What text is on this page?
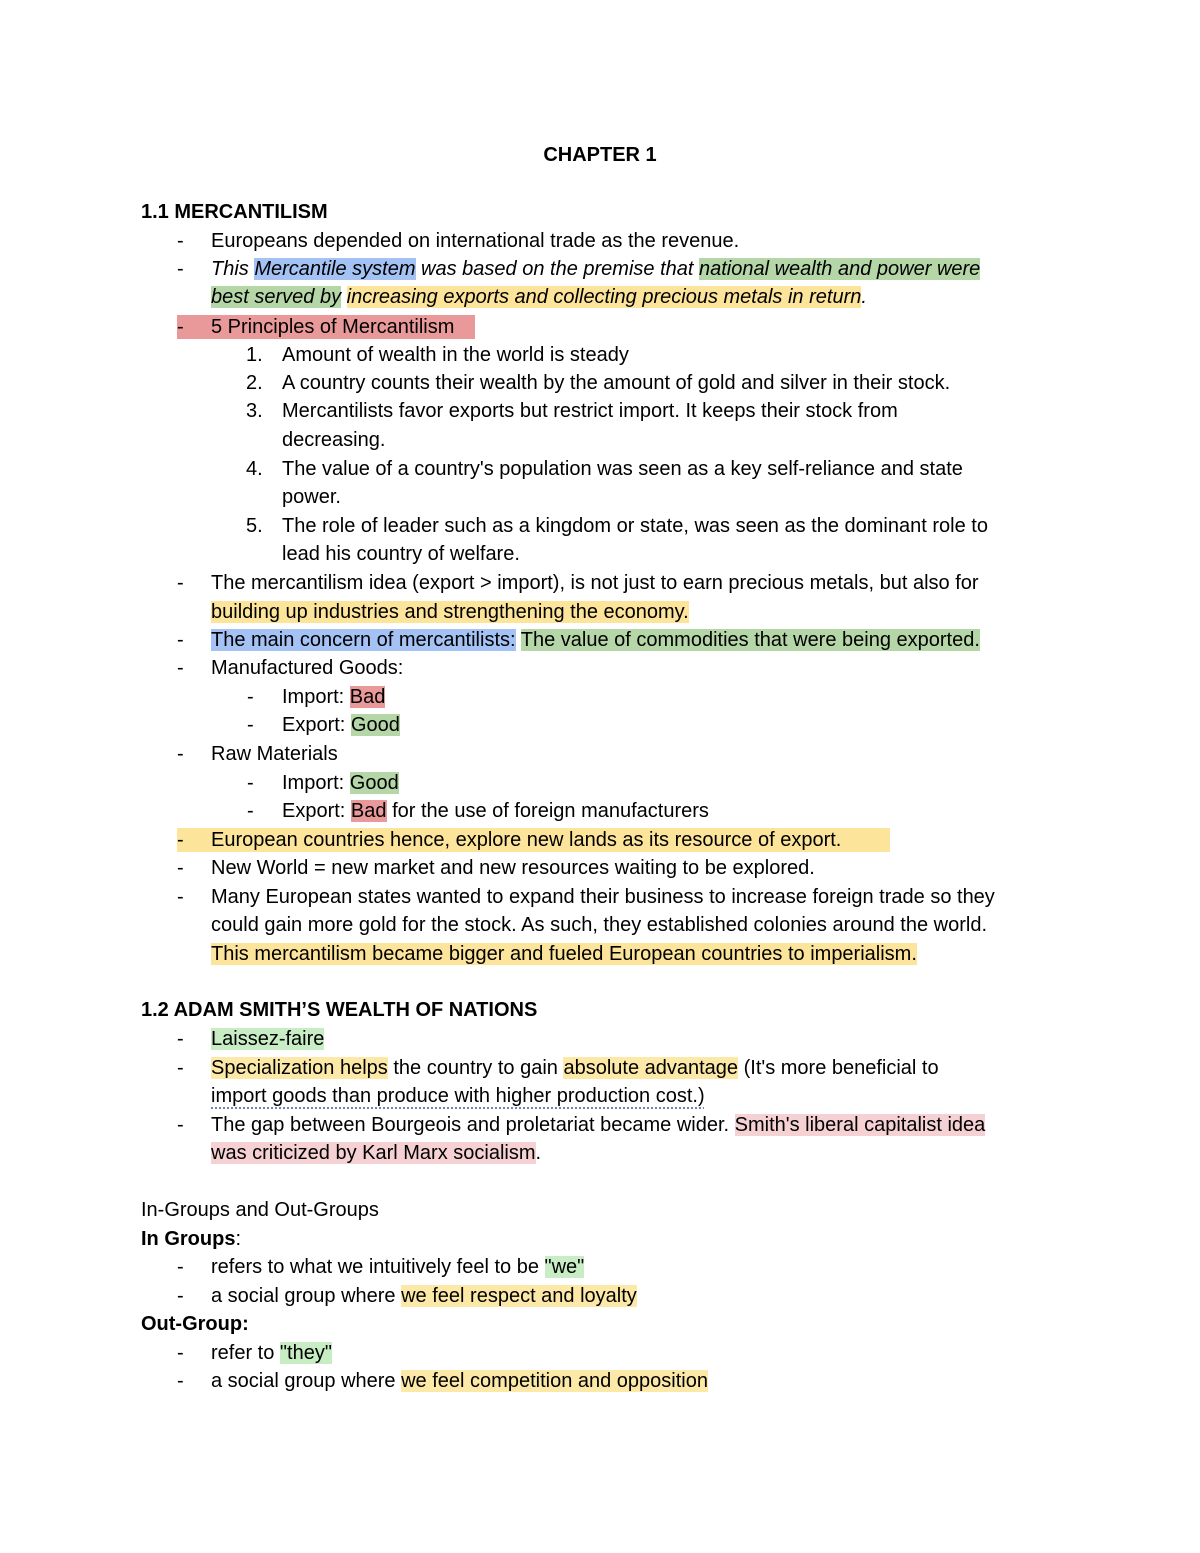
CHAPTER 1

1.1 MERCANTILISM

- Europeans depended on international trade as the revenue.

- This Mercantile system was based on the premise that national wealth and power were

best served by increasing exports and collecting precious metals in return.

- 5 Principles of Mercantilism

1. Amount of wealth in the world is steady

2. A country counts their wealth by the amount of gold and silver in their stock.

3. Mercantilists favor exports but restrict import. It keeps their stock from

decreasing.

4. The value of a country's population was seen as a key self-reliance and state

power.

5. The role of leader such as a kingdom or state, was seen as the dominant role to

lead his country of welfare.

- The mercantilism idea (export > import), is not just to earn precious metals, but also for

building up industries and strengthening the economy.

- The main concern of mercantilists: The value of commodities that were being exported.

- Manufactured Goods:

- Import: Bad

- Export: Good

- Raw Materials

- Import: Good

- Export: Bad for the use of foreign manufacturers

- European countries hence, explore new lands as its resource of export.

- New World = new market and new resources waiting to be explored.

- Many European states wanted to expand their business to increase foreign trade so they

could gain more gold for the stock. As such, they established colonies around the world.

This mercantilism became bigger and fueled European countries to imperialism.

1.2 ADAM SMITH’S WEALTH OF NATIONS

- Laissez-faire

- Specialization helps the country to gain absolute advantage (It's more beneficial to

import goods than produce with higher production cost.)

- The gap between Bourgeois and proletariat became wider. Smith's liberal capitalist idea

was criticized by Karl Marx socialism.

In-Groups and Out-Groups

In Groups:

- refers to what we intuitively feel to be "we"

- a social group where we feel respect and loyalty

Out-Group:

- refer to "they"

- a social group where we feel competition and opposition
